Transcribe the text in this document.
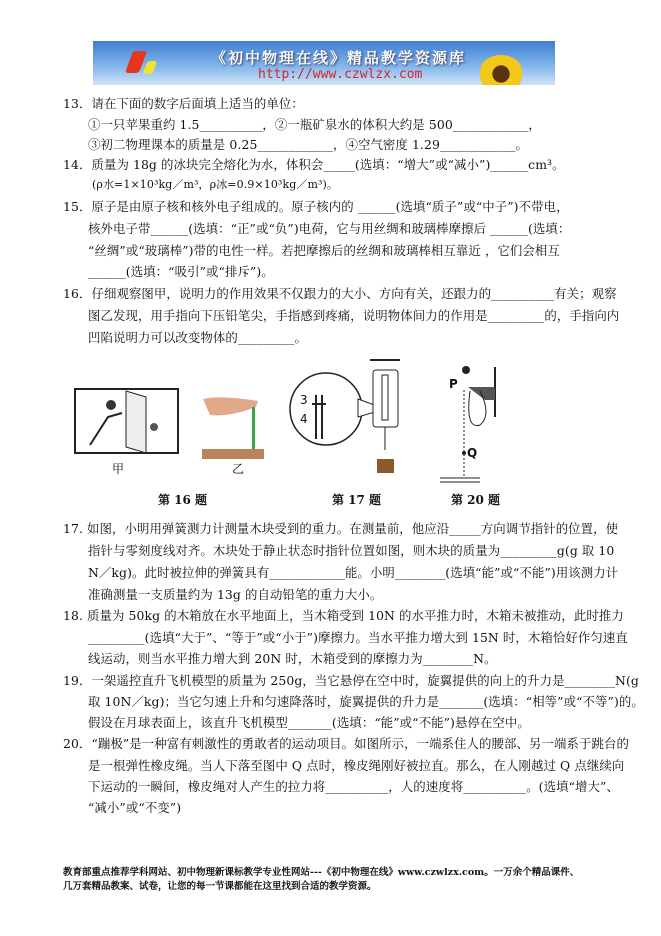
《初中物理在线》精品教学资源库
http://www.czwlzx.com
13．请在下面的数字后面填上适当的单位：
①一只苹果重约 1.5__________，②一瓶矿泉水的体积大约是 500____________，
③初二物理课本的质量是 0.25____________，④空气密度 1.29____________。
14．质量为 18g 的冰块完全熔化为水，体积会_____(选填：“增大”或“减小”)______cm³。
(ρ水=1×10³kg／m³，ρ冰=0.9×10³kg／m³)。
15．原子是由原子核和核外电子组成的。原子核内的 ______(选填“质子”或“中子”)不带电，
核外电子带______(选填：“正”或“负”)电荷，它与用丝绸和玻璃棒摩擦后 ______(选填：
“丝绸”或“玻璃棒”)带的电性一样。若把摩擦后的丝绸和玻璃棒相互靠近 ，它们会相互
______(选填：“吸引”或“排斥”)。
16．仔细观察图甲，说明力的作用效果不仅跟力的大小、方向有关，还跟力的__________有关；观察
图乙发现，用手指向下压铅笔尖，手指感到疼痛，说明物体间力的作用是_________的，手指向内
凹陷说明力可以改变物体的_________。
甲	乙
3
4
P
Q
第 16 题	第 17 题	第 20 题
17. 如图，小明用弹簧测力计测量木块受到的重力。在测量前，他应沿_____方向调节指针的位置，使
指针与零刻度线对齐。木块处于静止状态时指针位置如图，则木块的质量为_________g(g 取 10
N／kg)。此时被拉伸的弹簧具有____________能。小明________(选填“能”或“不能”)用该测力计
准确测量一支质量约为 13g 的自动铅笔的重力大小。
18. 质量为 50kg 的木箱放在水平地面上，当木箱受到 10N 的水平推力时，木箱未被推动，此时推力
_________(选填“大于”、“等于”或“小于”)摩擦力。当水平推力增大到 15N 时，木箱恰好作匀速直
线运动，则当水平推力增大到 20N 时，木箱受到的摩擦力为________N。
19．一架遥控直升飞机模型的质量为 250g，当它悬停在空中时，旋翼提供的向上的升力是________N(g
取 10N／kg)；当它匀速上升和匀速降落时，旋翼提供的升力是_______(选填：“相等”或“不等”)的。
假设在月球表面上，该直升飞机模型_______(选填：“能”或“不能”)悬停在空中。
20．“蹦极”是一种富有刺激性的勇敢者的运动项目。如图所示，一端系住人的腰部、另一端系于跳台的
是一根弹性橡皮绳。当人下落至图中 Q 点时，橡皮绳刚好被拉直。那么，在人刚越过 Q 点继续向
下运动的一瞬间，橡皮绳对人产生的拉力将__________，人的速度将__________。(选填“增大”、
“减小”或“不变”)
教育部重点推荐学科网站、初中物理新课标教学专业性网站---《初中物理在线》www.czwlzx.com。一万余个精品课件、
几万套精品教案、试卷，让您的每一节课都能在这里找到合适的教学资源。
